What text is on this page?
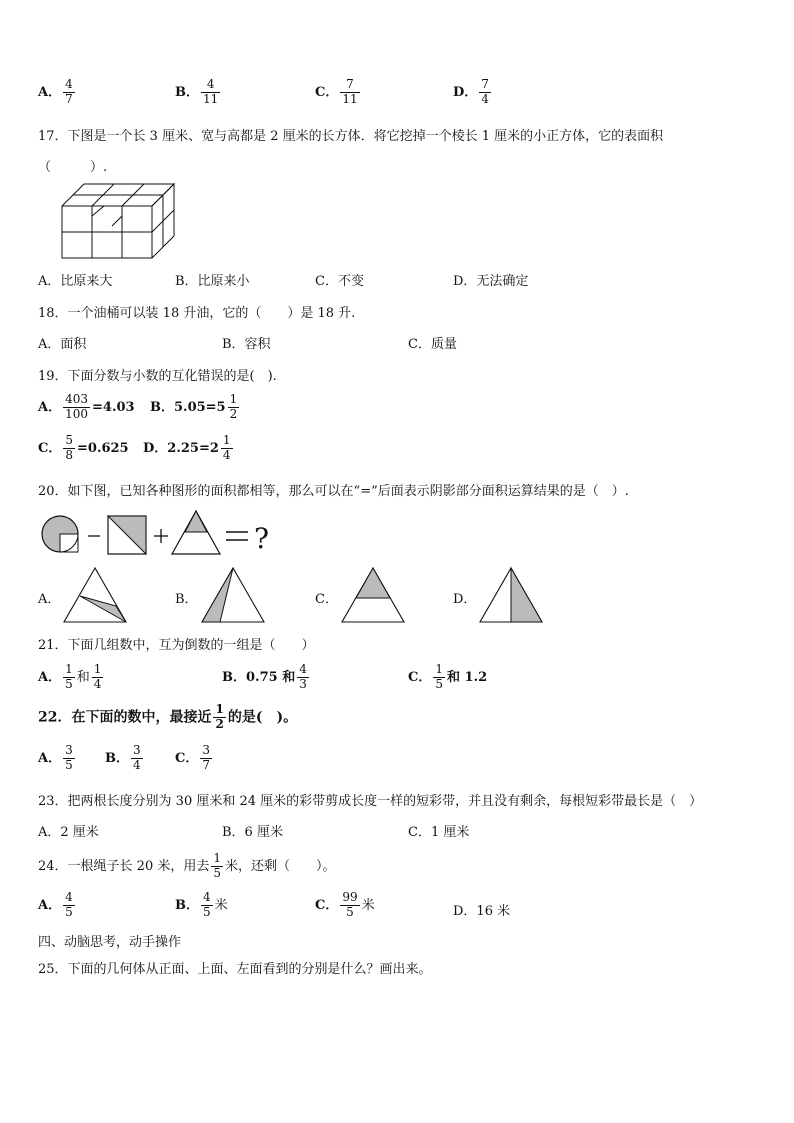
A． $\frac{4}{7}$	B． $\frac{4}{11}$	C． $\frac{7}{11}$	D． $\frac{7}{4}$
17．下图是一个长 3 厘米、宽与高都是 2 厘米的长方体．将它挖掉一个棱长 1 厘米的小正方体，它的表面积
（　　　）.
A．比原来大	B．比原来小	C．不变	D．无法确定
18．一个油桶可以装 18 升油，它的（　　）是 18 升.
A．面积	B．容积	C．质量
19．下面分数与小数的互化错误的是(　).
A． $\frac{403}{100} =4.03$ B．$5.05=5 \frac{1}{2}$
C． $\frac{5}{8} =0.625$ D．$2.25=2 \frac{1}{4}$
20．如下图，已知各种图形的面积都相等，那么可以在“=”后面表示阴影部分面积运算结果的是（　）.
?
A．	B．	C．	D．
21．下面几组数中，互为倒数的一组是（　　）
A． $\frac{1}{5}$ 和 $\frac{1}{4}$	B．0.75 和 $\frac{4}{3}$	C． $\frac{1}{5}$ 和 1.2
22．在下面的数中，最接近 $\frac{1}{2}$ 的是(　)。
A． $\frac{3}{5}$ B． $\frac{3}{4}$ C． $\frac{3}{7}$
23．把两根长度分别为 30 厘米和 24 厘米的彩带剪成长度一样的短彩带，并且没有剩余，每根短彩带最长是（　）
A．2 厘米	B．6 厘米	C．1 厘米
24．一根绳子长 20 米，用去 $\frac{1}{5}$ 米，还剩（　　）。
A． $\frac{4}{5}$	B． $\frac{4}{5}$ 米	C． $\frac{99}{5}$ 米	D．16 米
四、动脑思考，动手操作
25．下面的几何体从正面、上面、左面看到的分别是什么？画出来。
